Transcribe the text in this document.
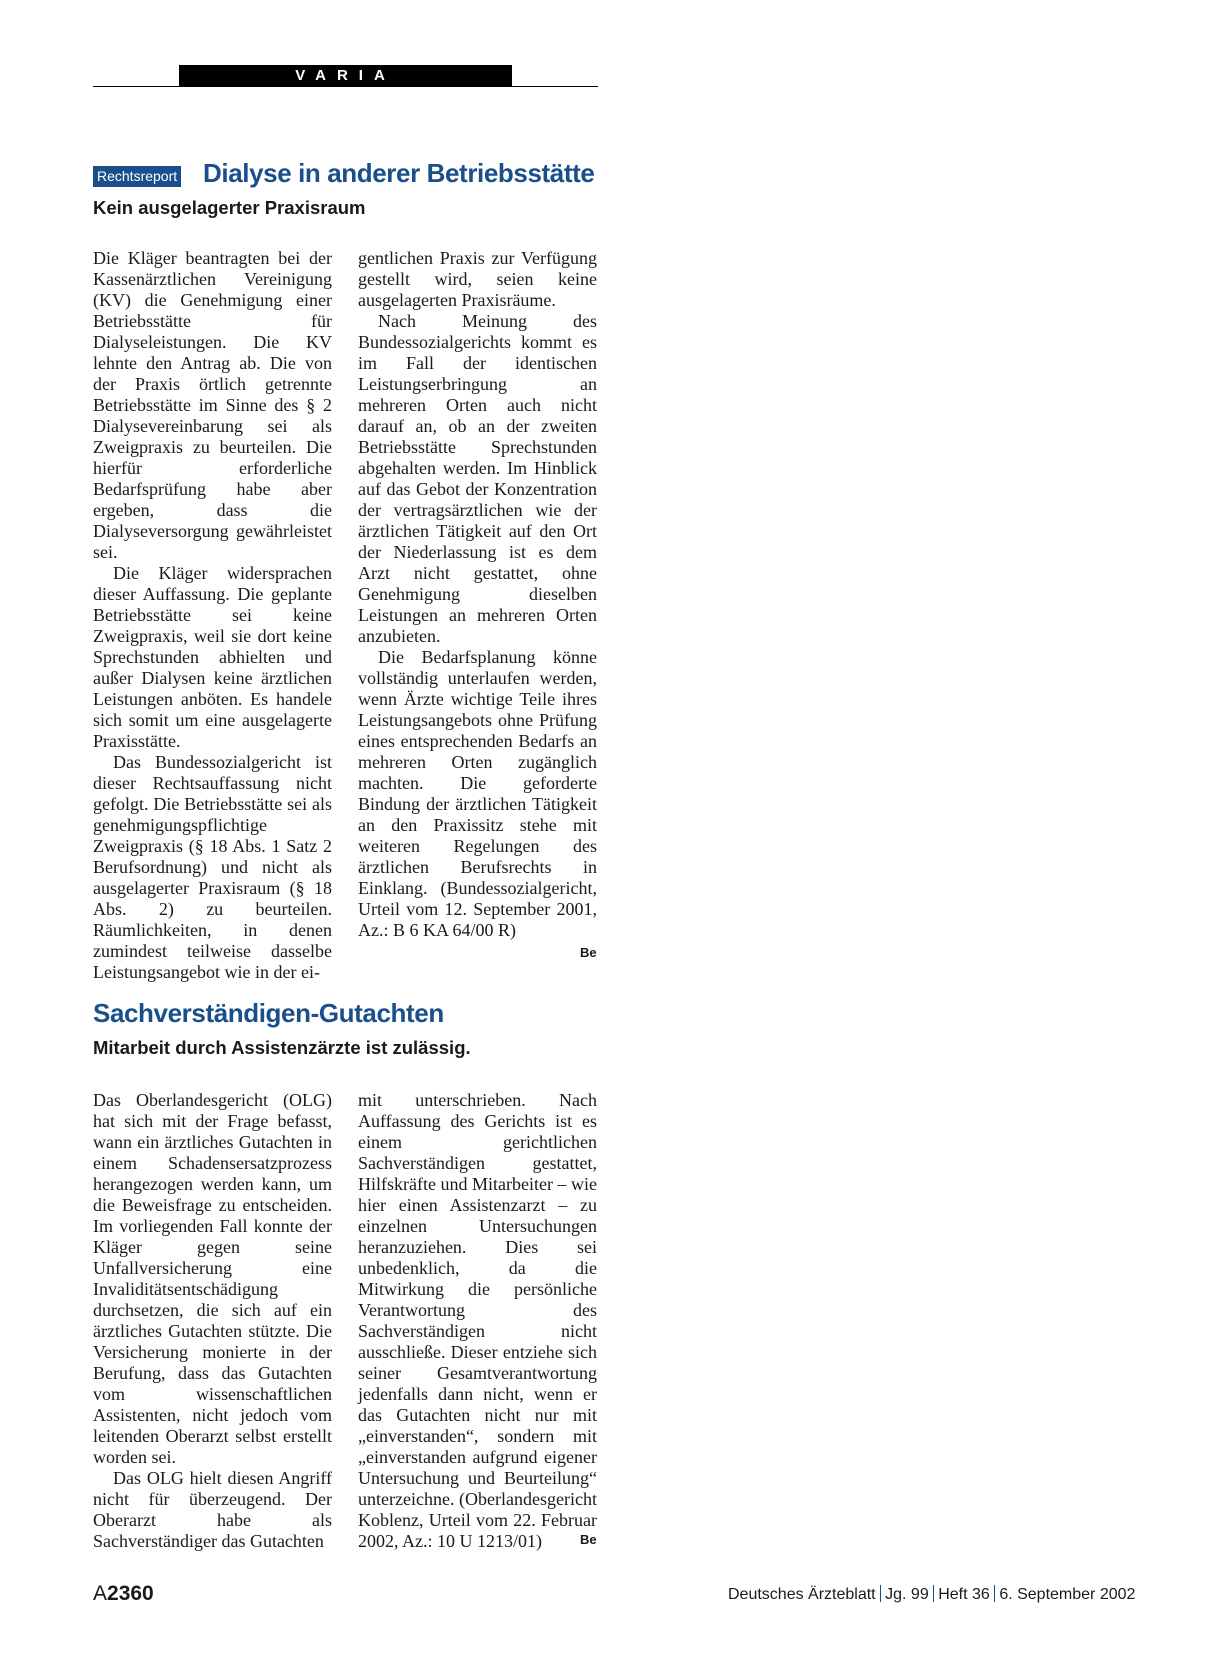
VARIA
Rechtsreport Dialyse in anderer Betriebsstätte
Kein ausgelagerter Praxisraum

Die Kläger beantragten bei der Kassenärztlichen Vereinigung (KV) die Genehmigung einer Betriebsstätte für Dialyseleistungen. Die KV lehnte den Antrag ab. Die von der Praxis örtlich getrennte Betriebsstätte im Sinne des § 2 Dialysevereinbarung sei als Zweigpraxis zu beurteilen. Die hierfür erforderliche Bedarfsprüfung habe aber ergeben, dass die Dialyseversorgung gewährleistet sei.

Die Kläger widersprachen dieser Auffassung. Die geplante Betriebsstätte sei keine Zweigpraxis, weil sie dort keine Sprechstunden abhielten und außer Dialysen keine ärztlichen Leistungen anböten. Es handele sich somit um eine ausgelagerte Praxisstätte.

Das Bundessozialgericht ist dieser Rechtsauffassung nicht gefolgt. Die Betriebsstätte sei als genehmigungspflichtige Zweigpraxis (§ 18 Abs. 1 Satz 2 Berufsordnung) und nicht als ausgelagerter Praxisraum (§ 18 Abs. 2) zu beurteilen. Räumlichkeiten, in denen zumindest teilweise dasselbe Leistungsangebot wie in der ei-

gentlichen Praxis zur Verfügung gestellt wird, seien keine ausgelagerten Praxisräume.

Nach Meinung des Bundessozialgerichts kommt es im Fall der identischen Leistungserbringung an mehreren Orten auch nicht darauf an, ob an der zweiten Betriebsstätte Sprechstunden abgehalten werden. Im Hinblick auf das Gebot der Konzentration der vertragsärztlichen wie der ärztlichen Tätigkeit auf den Ort der Niederlassung ist es dem Arzt nicht gestattet, ohne Genehmigung dieselben Leistungen an mehreren Orten anzubieten.

Die Bedarfsplanung könne vollständig unterlaufen werden, wenn Ärzte wichtige Teile ihres Leistungsangebots ohne Prüfung eines entsprechenden Bedarfs an mehreren Orten zugänglich machten. Die geforderte Bindung der ärztlichen Tätigkeit an den Praxissitz stehe mit weiteren Regelungen des ärztlichen Berufsrechts in Einklang. (Bundessozialgericht, Urteil vom 12. September 2001, Az.: B 6 KA 64/00 R)

Be
Sachverständigen-Gutachten
Mitarbeit durch Assistenzärzte ist zulässig.

Das Oberlandesgericht (OLG) hat sich mit der Frage befasst, wann ein ärztliches Gutachten in einem Schadensersatzprozess herangezogen werden kann, um die Beweisfrage zu entscheiden. Im vorliegenden Fall konnte der Kläger gegen seine Unfallversicherung eine Invaliditätsentschädigung durchsetzen, die sich auf ein ärztliches Gutachten stützte. Die Versicherung monierte in der Berufung, dass das Gutachten vom wissenschaftlichen Assistenten, nicht jedoch vom leitenden Oberarzt selbst erstellt worden sei.

Das OLG hielt diesen Angriff nicht für überzeugend. Der Oberarzt habe als Sachverständiger das Gutachten

mit unterschrieben. Nach Auffassung des Gerichts ist es einem gerichtlichen Sachverständigen gestattet, Hilfskräfte und Mitarbeiter – wie hier einen Assistenzarzt – zu einzelnen Untersuchungen heranzuziehen. Dies sei unbedenklich, da die Mitwirkung die persönliche Verantwortung des Sachverständigen nicht ausschließe. Dieser entziehe sich seiner Gesamtverantwortung jedenfalls dann nicht, wenn er das Gutachten nicht nur mit „einverstanden“, sondern mit „einverstanden aufgrund eigener Untersuchung und Beurteilung“ unterzeichne. (Oberlandesgericht Koblenz, Urteil vom 22. Februar 2002, Az.: 10 U 1213/01)	Be
A2360	Deutsches Ärzteblatt Jg. 99 Heft 36 6. September 2002
